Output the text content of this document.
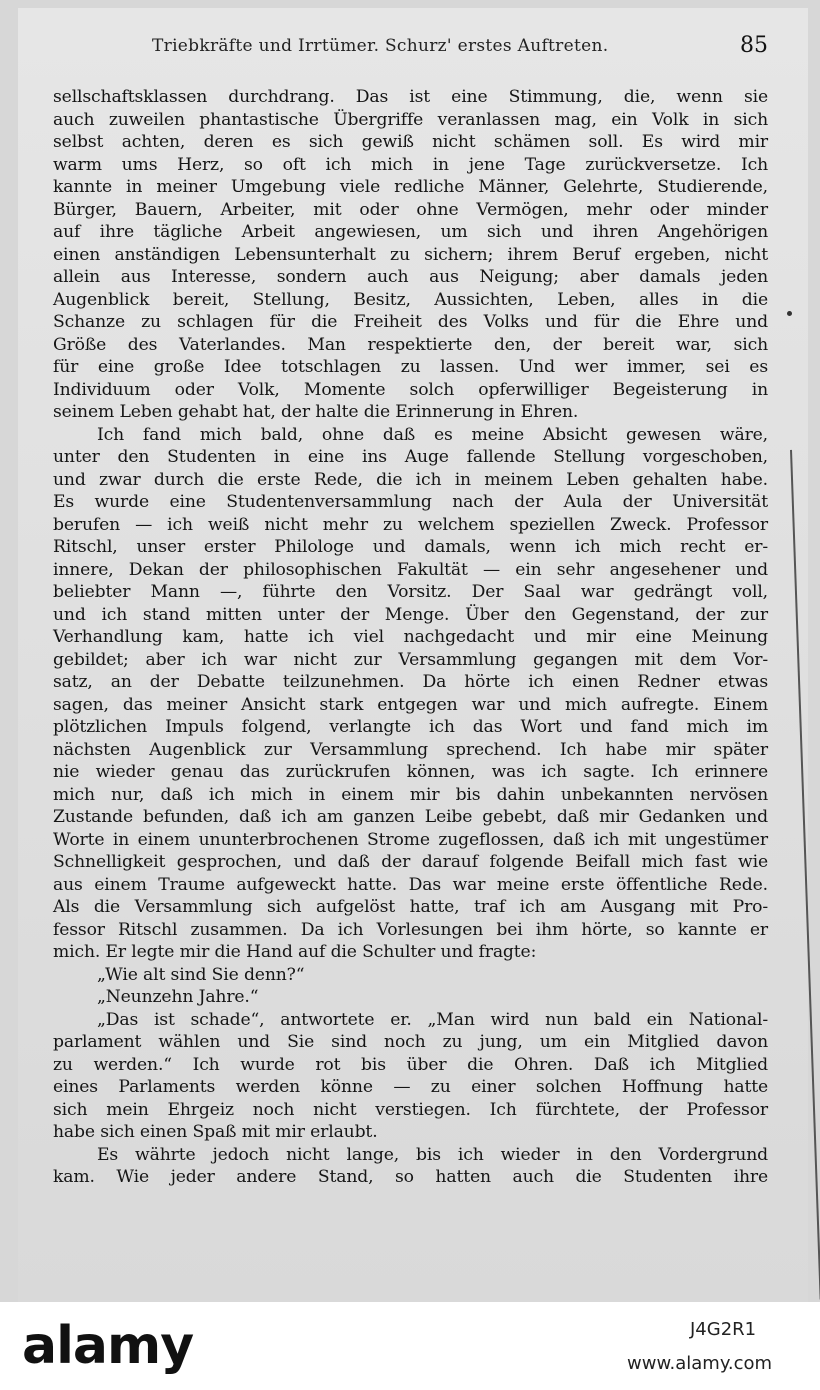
Triebkräfte und Irrtümer. Schurz' erstes Auftreten.	85
sellschaftsklassen durchdrang. Das ist eine Stimmung, die, wenn sie
auch zuweilen phantastische Übergriffe veranlassen mag, ein Volk in sich
selbst achten, deren es sich gewiß nicht schämen soll. Es wird mir
warm ums Herz, so oft ich mich in jene Tage zurückversetze. Ich
kannte in meiner Umgebung viele redliche Männer, Gelehrte, Studierende,
Bürger, Bauern, Arbeiter, mit oder ohne Vermögen, mehr oder minder
auf ihre tägliche Arbeit angewiesen, um sich und ihren Angehörigen
einen anständigen Lebensunterhalt zu sichern; ihrem Beruf ergeben, nicht
allein aus Interesse, sondern auch aus Neigung; aber damals jeden
Augenblick bereit, Stellung, Besitz, Aussichten, Leben, alles in die
Schanze zu schlagen für die Freiheit des Volks und für die Ehre und
Größe des Vaterlandes. Man respektierte den, der bereit war, sich
für eine große Idee totschlagen zu lassen. Und wer immer, sei es
Individuum oder Volk, Momente solch opferwilliger Begeisterung in
seinem Leben gehabt hat, der halte die Erinnerung in Ehren.
Ich fand mich bald, ohne daß es meine Absicht gewesen wäre,
unter den Studenten in eine ins Auge fallende Stellung vorgeschoben,
und zwar durch die erste Rede, die ich in meinem Leben gehalten habe.
Es wurde eine Studentenversammlung nach der Aula der Universität
berufen — ich weiß nicht mehr zu welchem speziellen Zweck. Professor
Ritschl, unser erster Philologe und damals, wenn ich mich recht er-
innere, Dekan der philosophischen Fakultät — ein sehr angesehener und
beliebter Mann —, führte den Vorsitz. Der Saal war gedrängt voll,
und ich stand mitten unter der Menge. Über den Gegenstand, der zur
Verhandlung kam, hatte ich viel nachgedacht und mir eine Meinung
gebildet; aber ich war nicht zur Versammlung gegangen mit dem Vor-
satz, an der Debatte teilzunehmen. Da hörte ich einen Redner etwas
sagen, das meiner Ansicht stark entgegen war und mich aufregte. Einem
plötzlichen Impuls folgend, verlangte ich das Wort und fand mich im
nächsten Augenblick zur Versammlung sprechend. Ich habe mir später
nie wieder genau das zurückrufen können, was ich sagte. Ich erinnere
mich nur, daß ich mich in einem mir bis dahin unbekannten nervösen
Zustande befunden, daß ich am ganzen Leibe gebebt, daß mir Gedanken und
Worte in einem ununterbrochenen Strome zugeflossen, daß ich mit ungestümer
Schnelligkeit gesprochen, und daß der darauf folgende Beifall mich fast wie
aus einem Traume aufgeweckt hatte. Das war meine erste öffentliche Rede.
Als die Versammlung sich aufgelöst hatte, traf ich am Ausgang mit Pro-
fessor Ritschl zusammen. Da ich Vorlesungen bei ihm hörte, so kannte er
mich. Er legte mir die Hand auf die Schulter und fragte:
„Wie alt sind Sie denn?“
„Neunzehn Jahre.“
„Das ist schade“, antwortete er. „Man wird nun bald ein National-
parlament wählen und Sie sind noch zu jung, um ein Mitglied davon
zu werden.“ Ich wurde rot bis über die Ohren. Daß ich Mitglied
eines Parlaments werden könne — zu einer solchen Hoffnung hatte
sich mein Ehrgeiz noch nicht verstiegen. Ich fürchtete, der Professor
habe sich einen Spaß mit mir erlaubt.
Es währte jedoch nicht lange, bis ich wieder in den Vordergrund
kam. Wie jeder andere Stand, so hatten auch die Studenten ihre
alamy	J4G2R1
www.alamy.com
